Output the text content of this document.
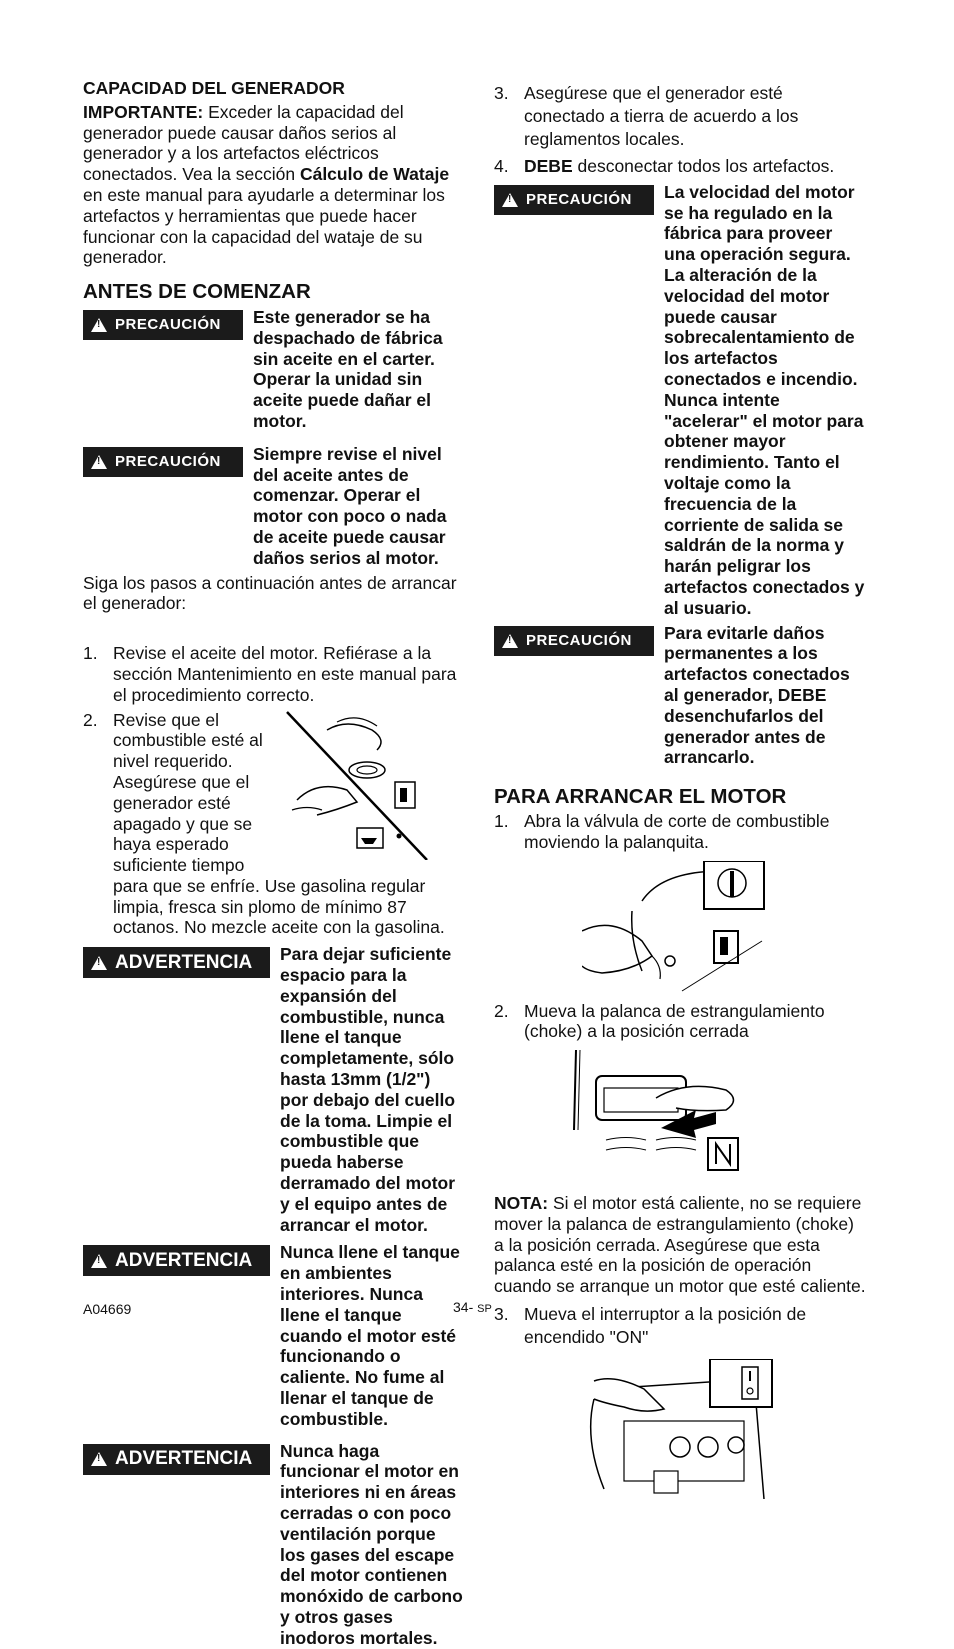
CAPACIDAD DEL GENERADOR

IMPORTANTE: Exceder la capacidad del generador puede causar daños serios al generador y a los artefactos eléctricos conectados. Vea la sección Cálculo de Wataje en este manual para ayudarle a determinar los artefactos y herramientas que puede hacer funcionar con la capacidad del wataje de su generador.

ANTES DE COMENZAR

!
PRECAUCIÓN Este generador se ha despachado de fábrica sin aceite en el carter. Operar la unidad sin aceite puede dañar el motor.
!
PRECAUCIÓN Siempre revise el nivel del aceite antes de comenzar. Operar el motor con poco o nada de aceite puede causar daños serios al motor.

Siga los pasos a continuación antes de arrancar el generador:

1. Revise el aceite del motor. Refiérase a la sección Mantenimiento en este manual para el procedimiento correcto.
2. Revise que el combustible esté al nivel requerido. Asegúrese que el generador esté apagado y que se haya esperado suficiente tiempo
para que se enfríe. Use gasolina regular limpia, fresca sin plomo de mínimo 87 octanos. No mezcle aceite con la gasolina.
!
ADVERTENCIA Para dejar suficiente espacio para la expansión del combustible, nunca llene el tanque completamente, sólo hasta 13mm (1/2") por debajo del cuello de la toma. Limpie el combustible que pueda haberse derramado del motor y el equipo antes de arrancar el motor.
!
ADVERTENCIA Nunca llene el tanque en ambientes interiores. Nunca llene el tanque cuando el motor esté funcionando o caliente. No fume al llenar el tanque de combustible.
!
ADVERTENCIA Nunca haga funcionar el motor en interiores ni en áreas cerradas o con poco ventilación porque los gases del escape del motor contienen monóxido de carbono y otros gases inodoros mortales.
3. Asegúrese que el generador esté conectado a tierra de acuerdo a los reglamentos locales.
4. DEBE desconectar todos los artefactos.
!
PRECAUCIÓN La velocidad del motor se ha regulado en la fábrica para proveer una operación segura. La alteración de la velocidad del motor puede causar sobrecalentamiento de los artefactos conectados e incendio. Nunca intente "acelerar" el motor para obtener mayor rendimiento. Tanto el voltaje como la frecuencia de la corriente de salida se saldrán de la norma y harán peligrar los artefactos conectados y al usuario.
!
PRECAUCIÓN Para evitarle daños permanentes a los artefactos conectados al generador, DEBE desenchufarlos del generador antes de arrancarlo.

PARA ARRANCAR EL MOTOR

1. Abra la válvula de corte de combustible moviendo la palanquita.
2. Mueva la palanca de estrangulamiento (choke) a la posición cerrada

NOTA: Si el motor está caliente, no se requiere mover la palanca de estrangulamiento (choke) a la posición cerrada. Asegúrese que esta palanca esté en la posición de operación cuando se arranque un motor que esté caliente.

3. Mueva el interruptor a la posición de encendido "ON"
A04669	34- SP
